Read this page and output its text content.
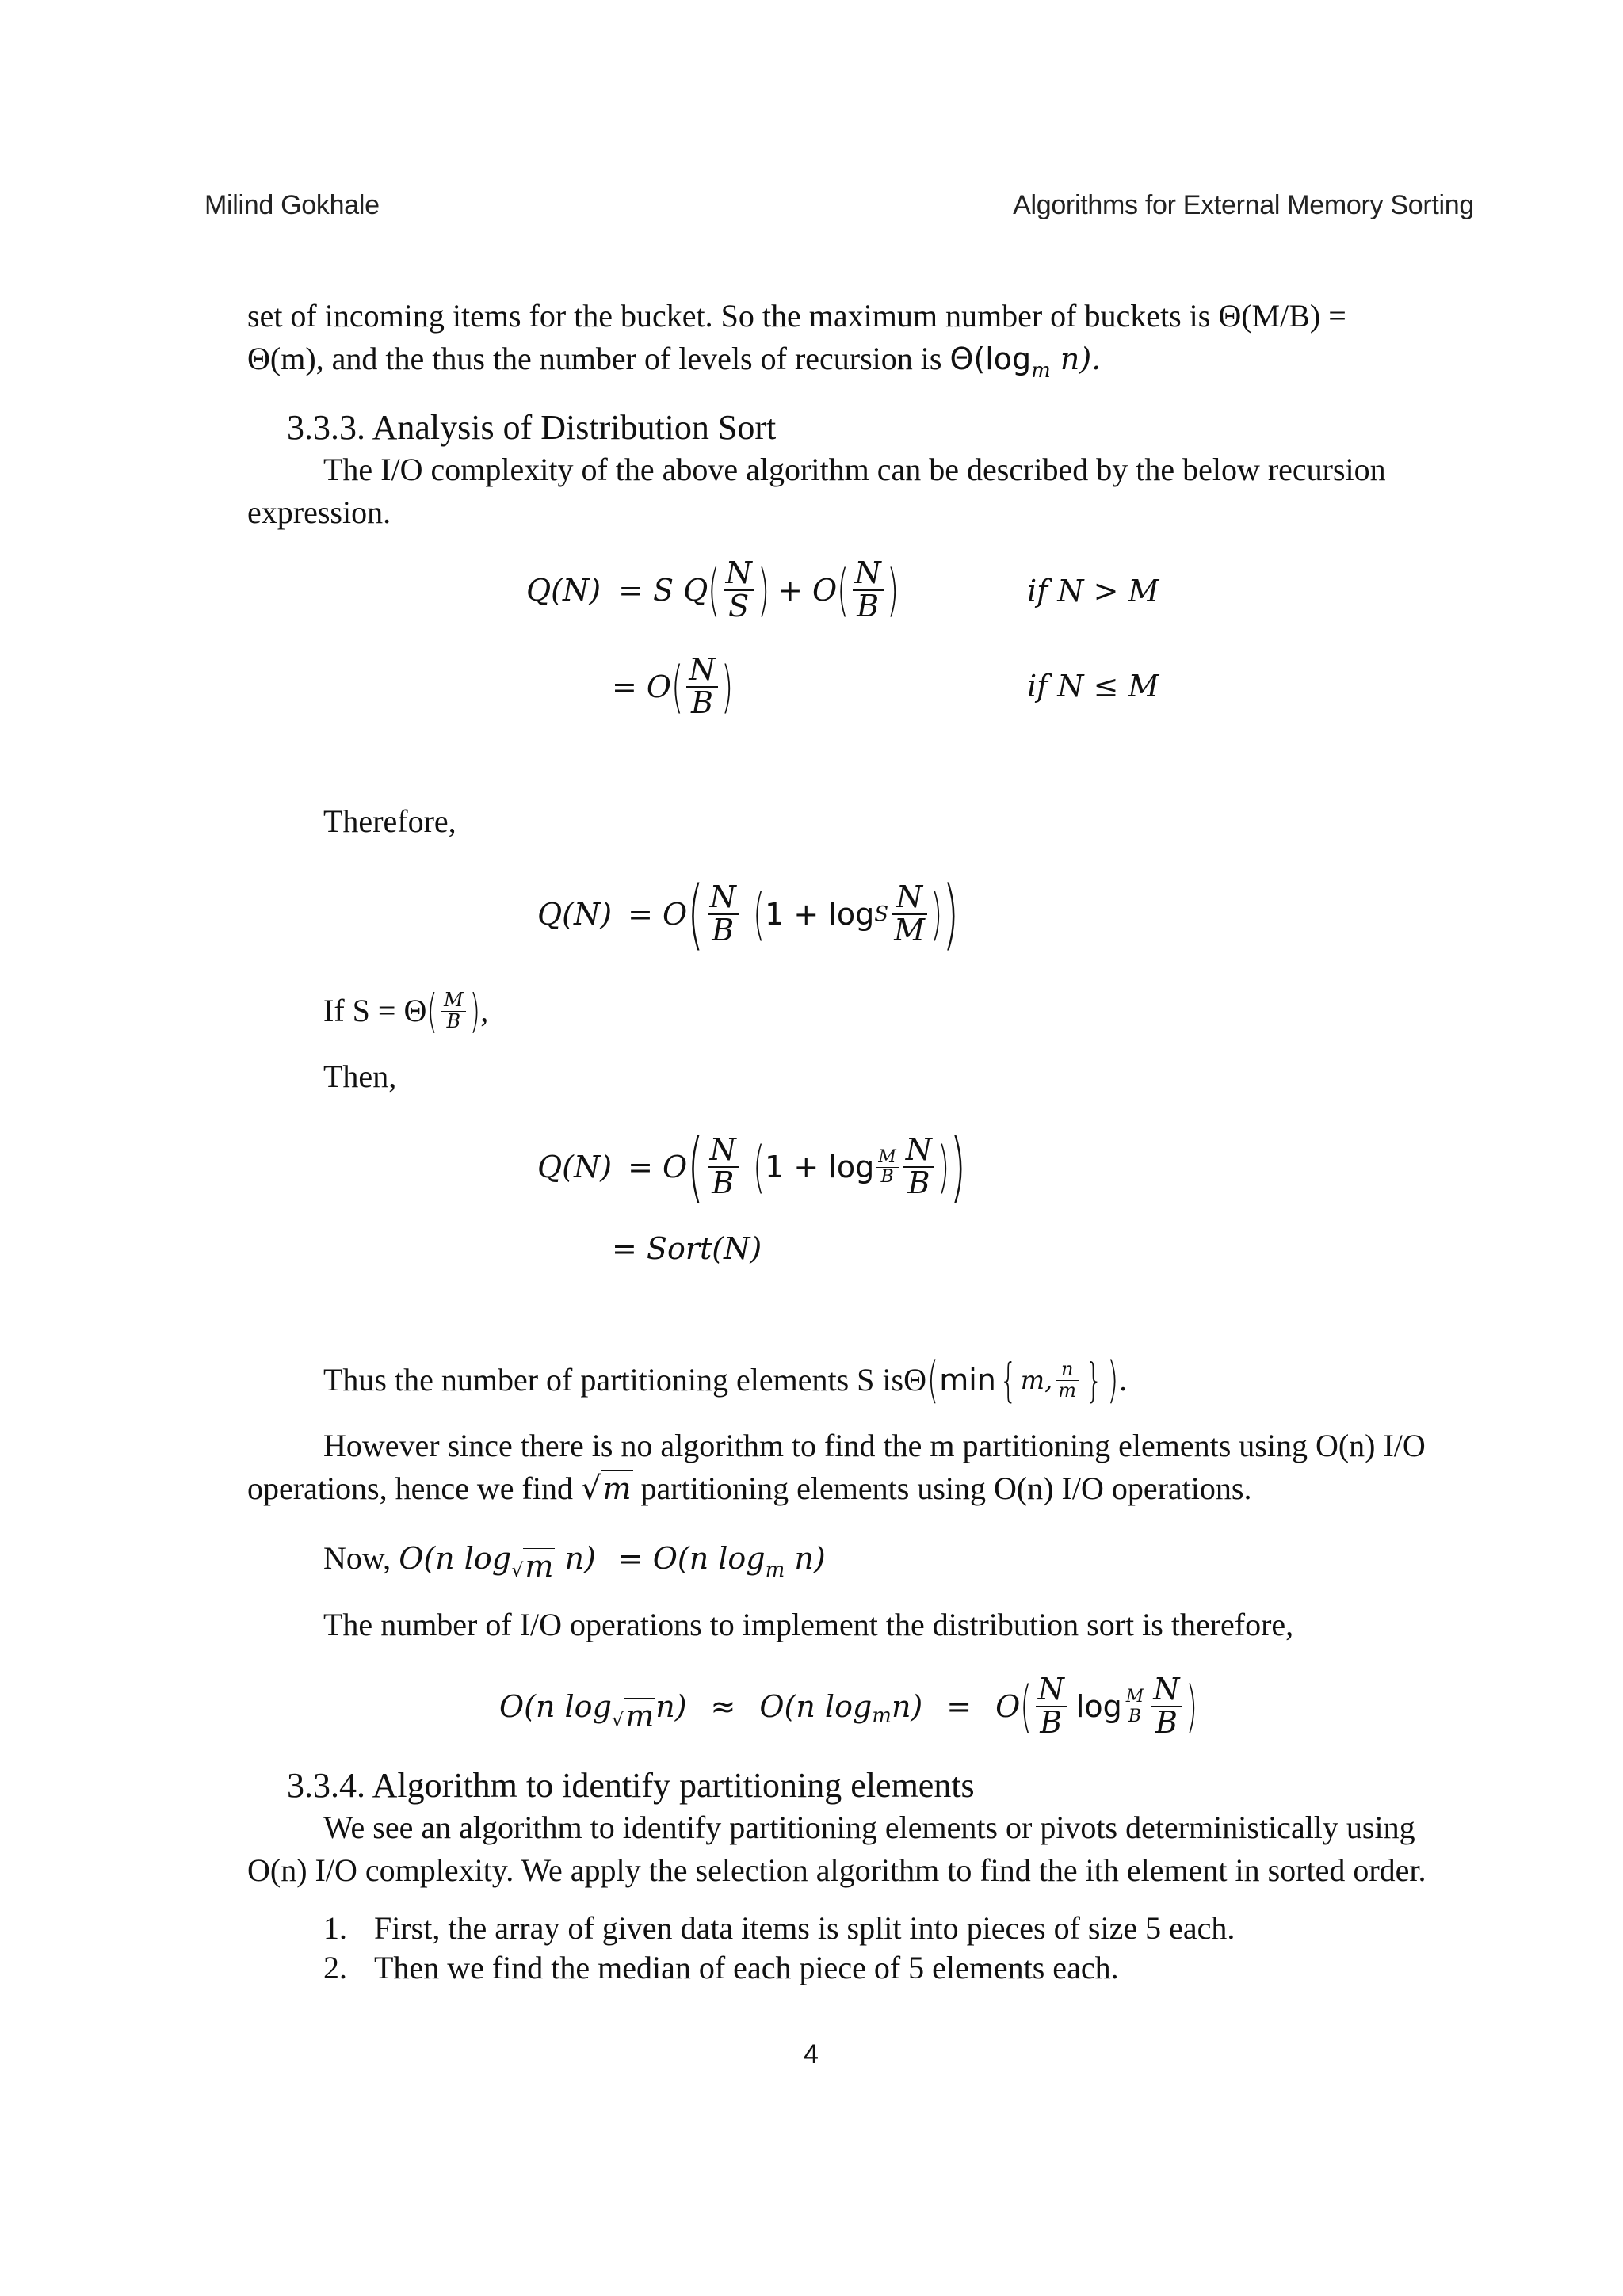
Milind Gokhale	Algorithms for External Memory Sorting
set of incoming items for the bucket. So the maximum number of buckets is Θ(M/B) =
Θ(m), and the thus the number of levels of recursion is $\Theta(\log_m$ n).
3.3.3. Analysis of Distribution Sort
The I/O complexity of the above algorithm can be described by the below recursion
expression.
Q(N) = S Q ( $\frac{N}{S}$ ) + O ( $\frac{N}{B}$ )	if N > M
= O ( $\frac{N}{B}$ )	if N ≤ M
Therefore,
Q(N) = O ( $\frac{N}{B}$ ( 1 + log S $\frac{N}{M}$ ) )
If S = Θ ( $\frac{M}{B}$ ) ,
Then,
Q(N) = O ( $\frac{N}{B}$ ( $1 + \log \frac{M}{B} \frac{N}{B}$ ) )
= Sort(N)
Thus the number of partitioning elements S is Θ ( min { m, $\frac{n}{m}$ } ) .
However since there is no algorithm to find the m partitioning elements using O(n) I/O
operations, hence we find √m partitioning elements using O(n) I/O operations.
Now, O(n $\log_{√m} n) = O(n$ $\log_m n$)
The number of I/O operations to implement the distribution sort is therefore,
O(n log √m n) ≈ O(n log m n) = O ( $\frac{N}{B}$ $\log \frac{M}{B} \frac{N}{B}$ )
3.3.4. Algorithm to identify partitioning elements
We see an algorithm to identify partitioning elements or pivots deterministically using
O(n) I/O complexity. We apply the selection algorithm to find the ith element in sorted order.
1. First, the array of given data items is split into pieces of size 5 each.
2. Then we find the median of each piece of 5 elements each.
4
